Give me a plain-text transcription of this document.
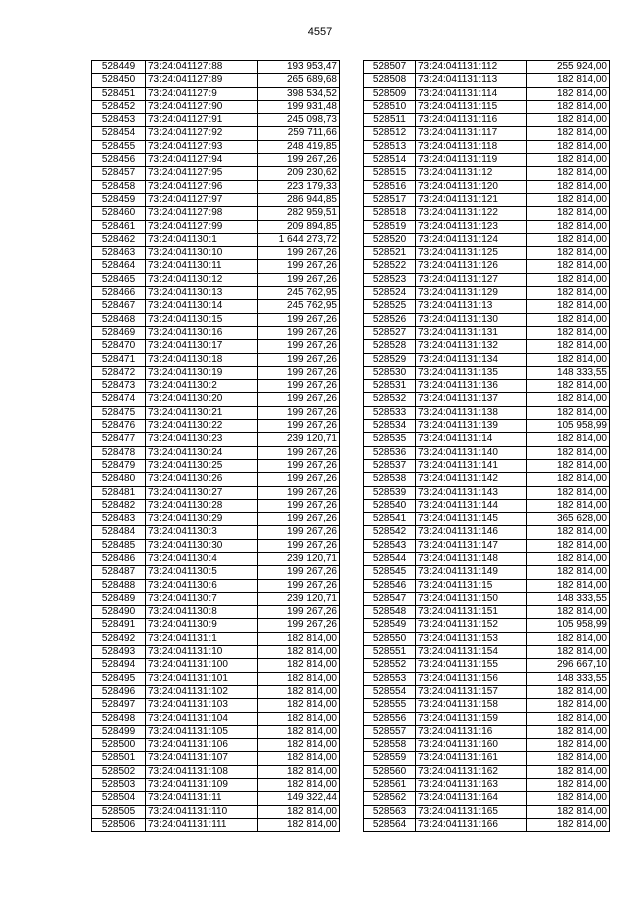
4557
528449	73:24:041127:88	193 953,47
528450	73:24:041127:89	265 689,68
528451	73:24:041127:9	398 534,52
528452	73:24:041127:90	199 931,48
528453	73:24:041127:91	245 098,73
528454	73:24:041127:92	259 711,66
528455	73:24:041127:93	248 419,85
528456	73:24:041127:94	199 267,26
528457	73:24:041127:95	209 230,62
528458	73:24:041127:96	223 179,33
528459	73:24:041127:97	286 944,85
528460	73:24:041127:98	282 959,51
528461	73:24:041127:99	209 894,85
528462	73:24:041130:1	1 644 273,72
528463	73:24:041130:10	199 267,26
528464	73:24:041130:11	199 267,26
528465	73:24:041130:12	199 267,26
528466	73:24:041130:13	245 762,95
528467	73:24:041130:14	245 762,95
528468	73:24:041130:15	199 267,26
528469	73:24:041130:16	199 267,26
528470	73:24:041130:17	199 267,26
528471	73:24:041130:18	199 267,26
528472	73:24:041130:19	199 267,26
528473	73:24:041130:2	199 267,26
528474	73:24:041130:20	199 267,26
528475	73:24:041130:21	199 267,26
528476	73:24:041130:22	199 267,26
528477	73:24:041130:23	239 120,71
528478	73:24:041130:24	199 267,26
528479	73:24:041130:25	199 267,26
528480	73:24:041130:26	199 267,26
528481	73:24:041130:27	199 267,26
528482	73:24:041130:28	199 267,26
528483	73:24:041130:29	199 267,26
528484	73:24:041130:3	199 267,26
528485	73:24:041130:30	199 267,26
528486	73:24:041130:4	239 120,71
528487	73:24:041130:5	199 267,26
528488	73:24:041130:6	199 267,26
528489	73:24:041130:7	239 120,71
528490	73:24:041130:8	199 267,26
528491	73:24:041130:9	199 267,26
528492	73:24:041131:1	182 814,00
528493	73:24:041131:10	182 814,00
528494	73:24:041131:100	182 814,00
528495	73:24:041131:101	182 814,00
528496	73:24:041131:102	182 814,00
528497	73:24:041131:103	182 814,00
528498	73:24:041131:104	182 814,00
528499	73:24:041131:105	182 814,00
528500	73:24:041131:106	182 814,00
528501	73:24:041131:107	182 814,00
528502	73:24:041131:108	182 814,00
528503	73:24:041131:109	182 814,00
528504	73:24:041131:11	149 322,44
528505	73:24:041131:110	182 814,00
528506	73:24:041131:111	182 814,00
528507	73:24:041131:112	255 924,00
528508	73:24:041131:113	182 814,00
528509	73:24:041131:114	182 814,00
528510	73:24:041131:115	182 814,00
528511	73:24:041131:116	182 814,00
528512	73:24:041131:117	182 814,00
528513	73:24:041131:118	182 814,00
528514	73:24:041131:119	182 814,00
528515	73:24:041131:12	182 814,00
528516	73:24:041131:120	182 814,00
528517	73:24:041131:121	182 814,00
528518	73:24:041131:122	182 814,00
528519	73:24:041131:123	182 814,00
528520	73:24:041131:124	182 814,00
528521	73:24:041131:125	182 814,00
528522	73:24:041131:126	182 814,00
528523	73:24:041131:127	182 814,00
528524	73:24:041131:129	182 814,00
528525	73:24:041131:13	182 814,00
528526	73:24:041131:130	182 814,00
528527	73:24:041131:131	182 814,00
528528	73:24:041131:132	182 814,00
528529	73:24:041131:134	182 814,00
528530	73:24:041131:135	148 333,55
528531	73:24:041131:136	182 814,00
528532	73:24:041131:137	182 814,00
528533	73:24:041131:138	182 814,00
528534	73:24:041131:139	105 958,99
528535	73:24:041131:14	182 814,00
528536	73:24:041131:140	182 814,00
528537	73:24:041131:141	182 814,00
528538	73:24:041131:142	182 814,00
528539	73:24:041131:143	182 814,00
528540	73:24:041131:144	182 814,00
528541	73:24:041131:145	365 628,00
528542	73:24:041131:146	182 814,00
528543	73:24:041131:147	182 814,00
528544	73:24:041131:148	182 814,00
528545	73:24:041131:149	182 814,00
528546	73:24:041131:15	182 814,00
528547	73:24:041131:150	148 333,55
528548	73:24:041131:151	182 814,00
528549	73:24:041131:152	105 958,99
528550	73:24:041131:153	182 814,00
528551	73:24:041131:154	182 814,00
528552	73:24:041131:155	296 667,10
528553	73:24:041131:156	148 333,55
528554	73:24:041131:157	182 814,00
528555	73:24:041131:158	182 814,00
528556	73:24:041131:159	182 814,00
528557	73:24:041131:16	182 814,00
528558	73:24:041131:160	182 814,00
528559	73:24:041131:161	182 814,00
528560	73:24:041131:162	182 814,00
528561	73:24:041131:163	182 814,00
528562	73:24:041131:164	182 814,00
528563	73:24:041131:165	182 814,00
528564	73:24:041131:166	182 814,00
